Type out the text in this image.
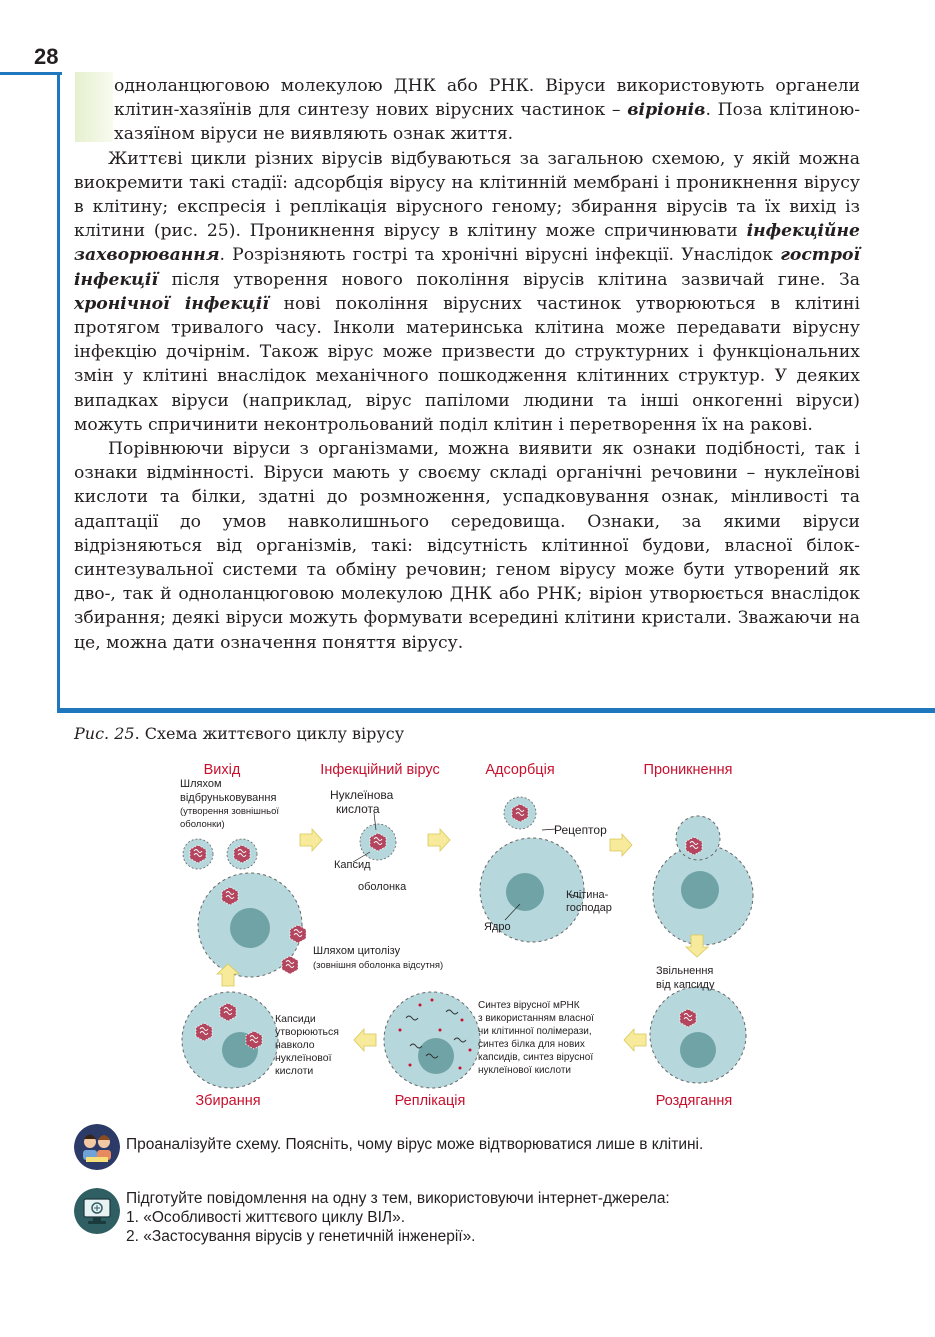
28

одноланцюговою молекулою ДНК або РНК. Віруси використовують органели клітин-хазяїнів для синтезу нових вірусних частинок – віріонів. Поза клітиною-хазяїном віруси не виявляють ознак життя.

Життєві цикли різних вірусів відбуваються за загальною схемою, у якій можна виокремити такі стадії: адсорбція вірусу на клітинній мембрані і проникнення вірусу в клітину; експресія і реплікація вірусного геному; збирання вірусів та їх вихід із клітини (рис. 25). Проникнення вірусу в клітину може спричинювати інфекційне захворювання. Розрізняють гострі та хронічні вірусні інфекції. Унаслідок гострої інфекції після утворення нового покоління вірусів клітина зазвичай гине. За хронічної інфекції нові покоління вірусних частинок утворюються в клітині протягом тривалого часу. Інколи материнська клітина може передавати вірусну інфекцію дочірнім. Також вірус може призвести до структурних і функціональних змін у клітині внаслідок механічного пошкодження клітинних структур. У деяких випадках віруси (наприклад, вірус папіломи людини та інші онкогенні віруси) можуть спричинити неконтрольований поділ клітин і перетворення їх на ракові.

Порівнюючи віруси з організмами, можна виявити як ознаки подібності, так і ознаки відмінності. Віруси мають у своєму складі органічні речовини – нуклеїнові кислоти та білки, здатні до розмноження, успадковування ознак, мінливості та адаптації до умов навколишнього середовища. Ознаки, за якими віруси відрізняються від організмів, такі: відсутність клітинної будови, власної білок-синтезувальної системи та обміну речовин; геном вірусу може бути утворений як дво-, так й одноланцюговою молекулою ДНК або РНК; віріон утворюється внаслідок збирання; деякі віруси можуть формувати всередині клітини кристали. Зважаючи на це, можна дати означення поняття вірусу.

Рис. 25. Схема життєвого циклу вірусу
Вихід	Інфекційний вірус	Адсорбція	Проникнення
Збирання	Реплікація	Роздягання
Шляхом
відбруньковування
(утворення зовнішньої
оболонки)
Шляхом цитолізу
(зовнішня оболонка відсутня)
Нуклеїнова
кислота
Капсид
оболонка
Рецептор
Клітина-
господар
Ядро
Звільнення
від капсиду
Синтез вірусної мРНК
з використанням власної
чи клітинної полімерази,
синтез білка для нових
капсидів, синтез вірусної
нуклеїнової кислоти
Капсиди
утворюються
навколо
нуклеїнової
кислоти
Проаналізуйте схему. Поясніть, чому вірус може відтворюватися лише в клітині.
Підготуйте повідомлення на одну з тем, використовуючи інтернет-джерела:
1. «Особливості життєвого циклу ВІЛ».
2. «Застосування вірусів у генетичній інженерії».
